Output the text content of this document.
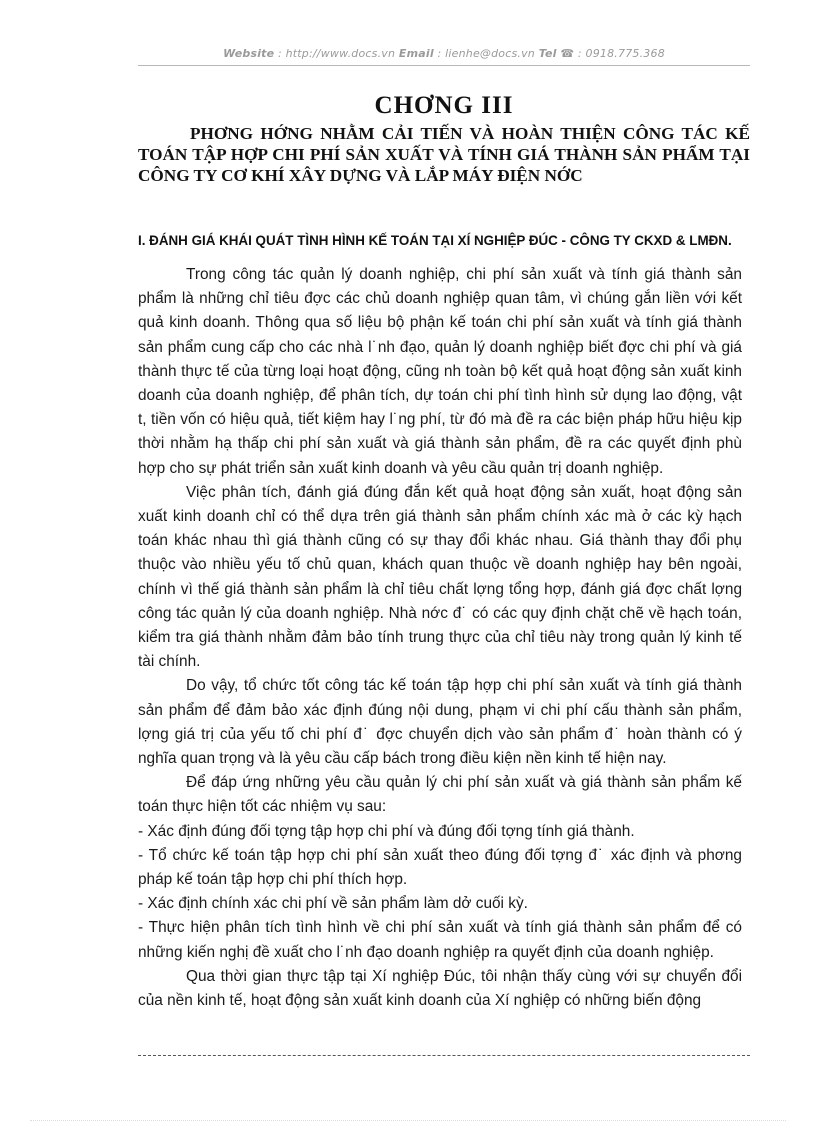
Website : http://www.docs.vn Email : lienhe@docs.vn Tel ☎ : 0918.775.368
CHƠNG III
PHƠNG HỚNG NHẰM CẢI TIẾN VÀ HOÀN THIỆN CÔNG TÁC KẾ TOÁN TẬP HỢP CHI PHÍ SẢN XUẤT VÀ TÍNH GIÁ THÀNH SẢN PHẨM TẠI CÔNG TY CƠ KHÍ XÂY DỰNG VÀ LẮP MÁY ĐIỆN NỚC
I. ĐÁNH GIÁ KHÁI QUÁT TÌNH HÌNH KẾ TOÁN TẠI XÍ NGHIỆP ĐÚC - CÔNG TY CKXD & LMĐN.

Trong công tác quản lý doanh nghiệp, chi phí sản xuất và tính giá thành sản phẩm là những chỉ tiêu đợc các chủ doanh nghiệp quan tâm, vì chúng gắn liền với kết quả kinh doanh. Thông qua số liệu bộ phận kế toán chi phí sản xuất và tính giá thành sản phẩm cung cấp cho các nhà l˙nh đạo, quản lý doanh nghiệp biết đợc chi phí và giá thành thực tế của từng loại hoạt động, cũng nh toàn bộ kết quả hoạt động sản xuất kinh doanh của doanh nghiệp, để phân tích, dự toán chi phí tình hình sử dụng lao động, vật t, tiền vốn có hiệu quả, tiết kiệm hay l˙ng phí, từ đó mà đề ra các biện pháp hữu hiệu kịp thời nhằm hạ thấp chi phí sản xuất và giá thành sản phẩm, đề ra các quyết định phù hợp cho sự phát triển sản xuất kinh doanh và yêu cầu quản trị doanh nghiệp.

Việc phân tích, đánh giá đúng đắn kết quả hoạt động sản xuất, hoạt động sản xuất kinh doanh chỉ có thể dựa trên giá thành sản phẩm chính xác mà ở các kỳ hạch toán khác nhau thì giá thành cũng có sự thay đổi khác nhau. Giá thành thay đổi phụ thuộc vào nhiều yếu tố chủ quan, khách quan thuộc về doanh nghiệp hay bên ngoài, chính vì thế giá thành sản phẩm là chỉ tiêu chất lợng tổng hợp, đánh giá đợc chất lợng công tác quản lý của doanh nghiệp. Nhà nớc đ˙ có các quy định chặt chẽ về hạch toán, kiểm tra giá thành nhằm đảm bảo tính trung thực của chỉ tiêu này trong quản lý kinh tế tài chính.

Do vậy, tổ chức tốt công tác kế toán tập hợp chi phí sản xuất và tính giá thành sản phẩm để đảm bảo xác định đúng nội dung, phạm vi chi phí cấu thành sản phẩm, lợng giá trị của yếu tố chi phí đ˙ đợc chuyển dịch vào sản phẩm đ˙ hoàn thành có ý nghĩa quan trọng và là yêu cầu cấp bách trong điều kiện nền kinh tế hiện nay.

Để đáp ứng những yêu cầu quản lý chi phí sản xuất và giá thành sản phẩm kế toán thực hiện tốt các nhiệm vụ sau:

- Xác định đúng đối tợng tập hợp chi phí và đúng đối tợng tính giá thành.

- Tổ chức kế toán tập hợp chi phí sản xuất theo đúng đối tợng đ˙ xác định và phơng pháp kế toán tập hợp chi phí thích hợp.

- Xác định chính xác chi phí về sản phẩm làm dở cuối kỳ.

- Thực hiện phân tích tình hình về chi phí sản xuất và tính giá thành sản phẩm để có những kiến nghị đề xuất cho l˙nh đạo doanh nghiệp ra quyết định của doanh nghiệp.

Qua thời gian thực tập tại Xí nghiệp Đúc, tôi nhận thấy cùng với sự chuyển đổi của nền kinh tế, hoạt động sản xuất kinh doanh của Xí nghiệp có những biến động
